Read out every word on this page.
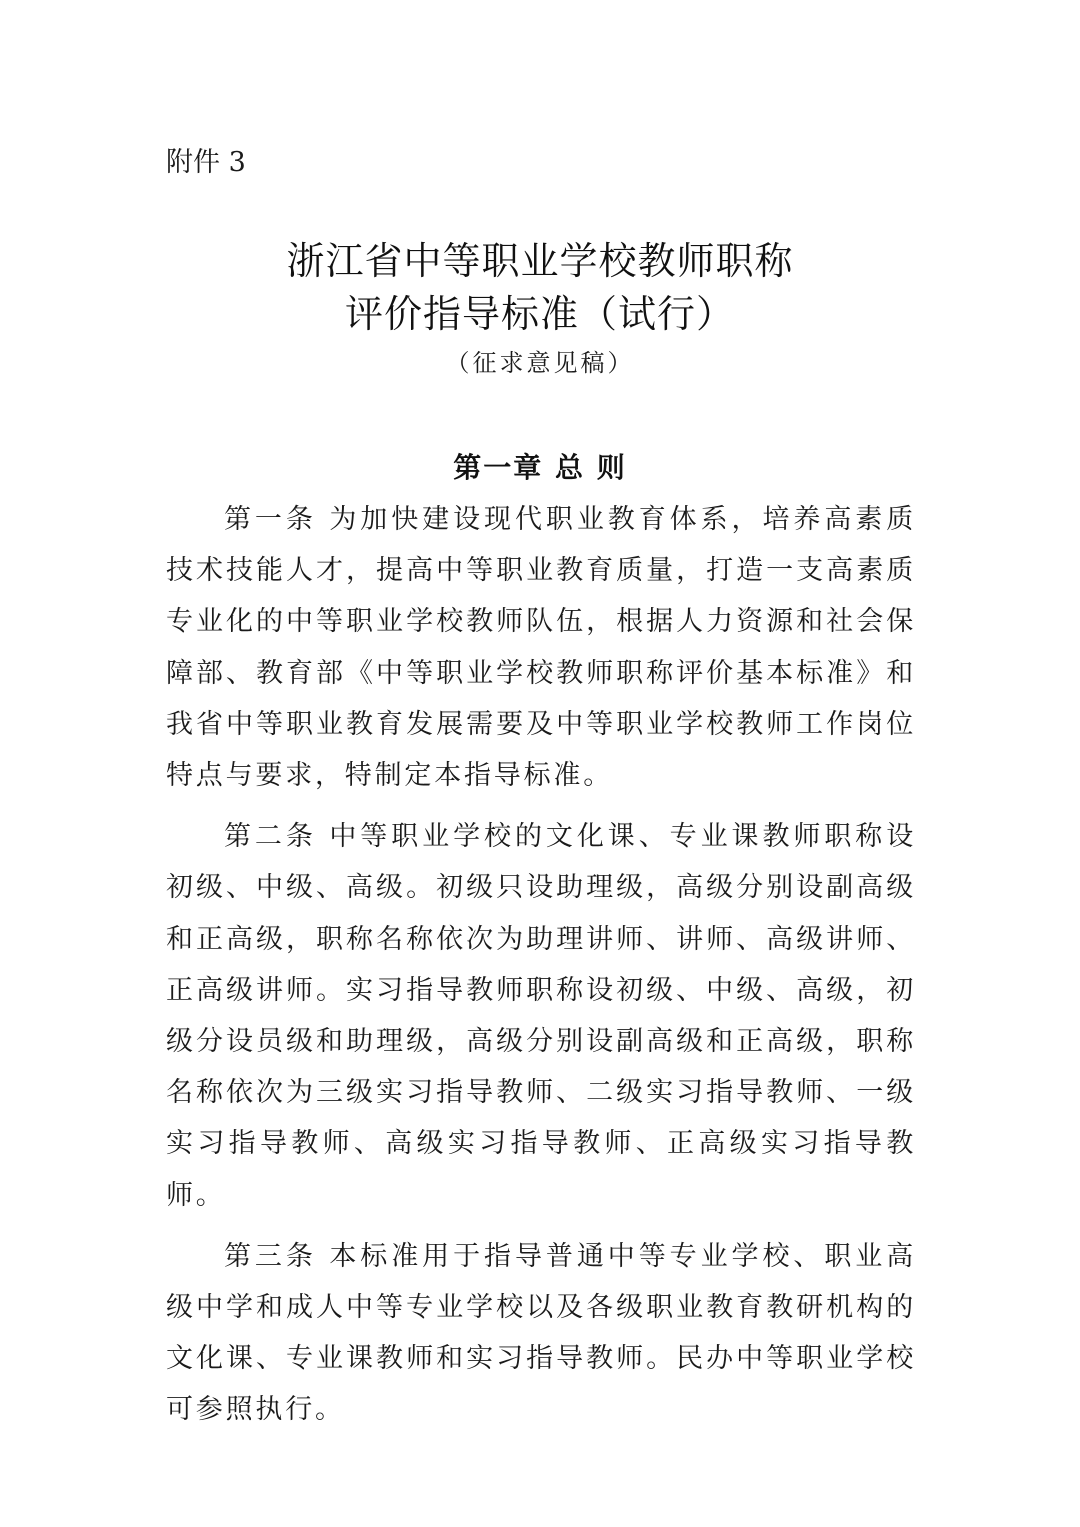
附件 3
浙江省中等职业学校教师职称
评价指导标准（试行）
（征求意见稿）
第一章 总 则

第一条 为加快建设现代职业教育体系，培养高素质技术技能人才，提高中等职业教育质量，打造一支高素质专业化的中等职业学校教师队伍，根据人力资源和社会保障部、教育部《中等职业学校教师职称评价基本标准》和我省中等职业教育发展需要及中等职业学校教师工作岗位特点与要求，特制定本指导标准。

第二条 中等职业学校的文化课、专业课教师职称设初级、中级、高级。初级只设助理级，高级分别设副高级和正高级，职称名称依次为助理讲师、讲师、高级讲师、正高级讲师。实习指导教师职称设初级、中级、高级，初级分设员级和助理级，高级分别设副高级和正高级，职称名称依次为三级实习指导教师、二级实习指导教师、一级实习指导教师、高级实习指导教师、正高级实习指导教师。

第三条 本标准用于指导普通中等专业学校、职业高级中学和成人中等专业学校以及各级职业教育教研机构的文化课、专业课教师和实习指导教师。民办中等职业学校可参照执行。
